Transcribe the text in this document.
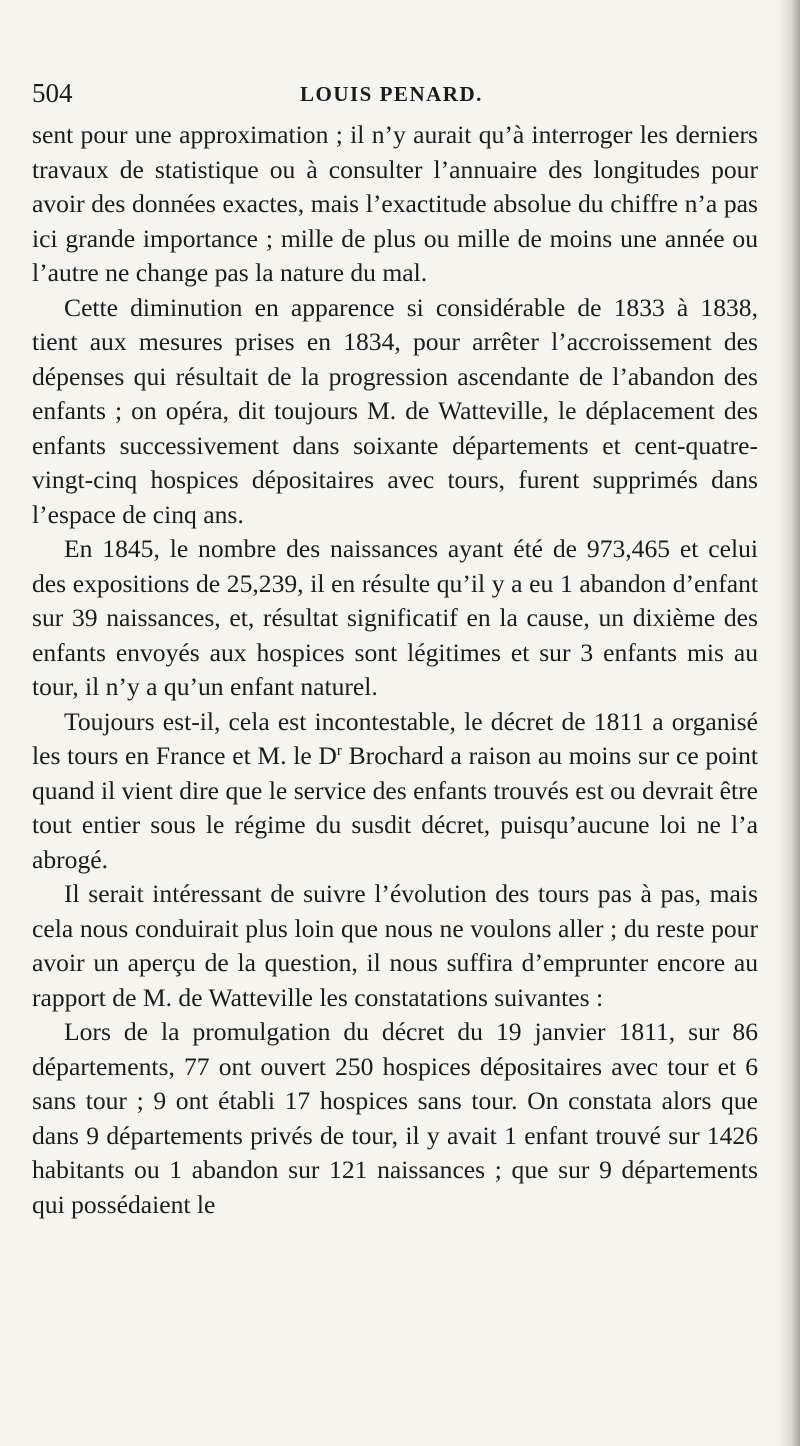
504	LOUIS PENARD.

sent pour une approximation ; il n’y aurait qu’à interroger les derniers travaux de statistique ou à consulter l’annuaire des longitudes pour avoir des données exactes, mais l’exactitude absolue du chiffre n’a pas ici grande importance ; mille de plus ou mille de moins une année ou l’autre ne change pas la nature du mal.

Cette diminution en apparence si considérable de 1833 à 1838, tient aux mesures prises en 1834, pour arrêter l’accroissement des dépenses qui résultait de la progression ascendante de l’abandon des enfants ; on opéra, dit toujours M. de Watteville, le déplacement des enfants successivement dans soixante départements et cent-quatre-vingt-cinq hospices dépositaires avec tours, furent supprimés dans l’espace de cinq ans.

En 1845, le nombre des naissances ayant été de 973,465 et celui des expositions de 25,239, il en résulte qu’il y a eu 1 abandon d’enfant sur 39 naissances, et, résultat significatif en la cause, un dixième des enfants envoyés aux hospices sont légitimes et sur 3 enfants mis au tour, il n’y a qu’un enfant naturel.

Toujours est-il, cela est incontestable, le décret de 1811 a organisé les tours en France et M. le $D^r$ Brochard a raison au moins sur ce point quand il vient dire que le service des enfants trouvés est ou devrait être tout entier sous le régime du susdit décret, puisqu’aucune loi ne l’a abrogé.

Il serait intéressant de suivre l’évolution des tours pas à pas, mais cela nous conduirait plus loin que nous ne voulons aller ; du reste pour avoir un aperçu de la question, il nous suffira d’emprunter encore au rapport de M. de Watteville les constatations suivantes :

Lors de la promulgation du décret du 19 janvier 1811, sur 86 départements, 77 ont ouvert 250 hospices dépositaires avec tour et 6 sans tour ; 9 ont établi 17 hospices sans tour. On constata alors que dans 9 départements privés de tour, il y avait 1 enfant trouvé sur 1426 habitants ou 1 abandon sur 121 naissances ; que sur 9 départements qui possédaient le
